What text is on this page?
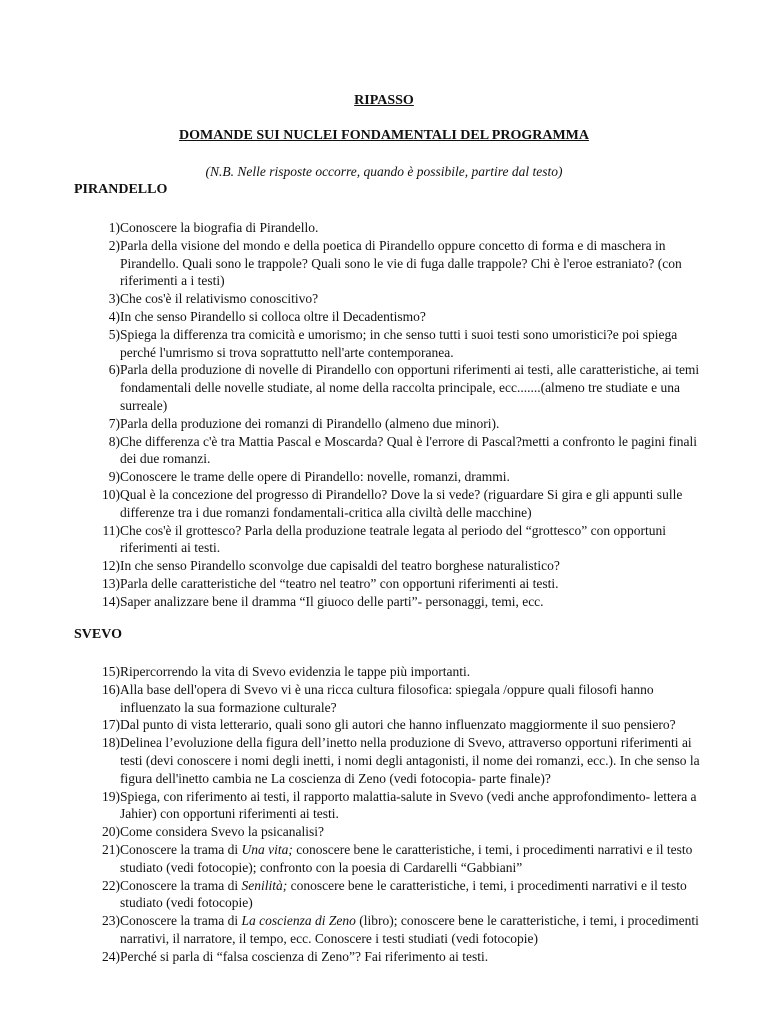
RIPASSO

DOMANDE SUI NUCLEI FONDAMENTALI DEL PROGRAMMA

(N.B. Nelle risposte occorre, quando è possibile, partire dal testo)

PIRANDELLO

1) Conoscere la biografia di Pirandello.
2) Parla della visione del mondo e della poetica di Pirandello oppure concetto di forma e di maschera in Pirandello. Quali sono le trappole? Quali sono le vie di fuga dalle trappole? Chi è l'eroe estraniato? (con riferimenti a i testi)
3) Che cos'è il relativismo conoscitivo?
4) In che senso Pirandello si colloca oltre il Decadentismo?
5) Spiega la differenza tra comicità e umorismo; in che senso tutti i suoi testi sono umoristici?e poi spiega perché l'umrismo si trova soprattutto nell'arte contemporanea.
6) Parla della produzione di novelle di Pirandello con opportuni riferimenti ai testi, alle caratteristiche, ai temi fondamentali delle novelle studiate, al nome della raccolta principale, ecc.......(almeno tre studiate e una surreale)
7) Parla della produzione dei romanzi di Pirandello (almeno due minori).
8) Che differenza c'è tra Mattia Pascal e Moscarda? Qual è l'errore di Pascal?metti a confronto le pagini finali dei due romanzi.
9) Conoscere le trame delle opere di Pirandello: novelle, romanzi, drammi.
10) Qual è la concezione del progresso di Pirandello? Dove la si vede? (riguardare Si gira e gli appunti sulle differenze tra i due romanzi fondamentali-critica alla civiltà delle macchine)
11) Che cos'è il grottesco? Parla della produzione teatrale legata al periodo del “grottesco” con opportuni riferimenti ai testi.
12) In che senso Pirandello sconvolge due capisaldi del teatro borghese naturalistico?
13) Parla delle caratteristiche del “teatro nel teatro” con opportuni riferimenti ai testi.
14) Saper analizzare bene il dramma “Il giuoco delle parti”- personaggi, temi, ecc.

SVEVO

15) Ripercorrendo la vita di Svevo evidenzia le tappe più importanti.
16) Alla base dell'opera di Svevo vi è una ricca cultura filosofica: spiegala /oppure quali filosofi hanno influenzato la sua formazione culturale?
17) Dal punto di vista letterario, quali sono gli autori che hanno influenzato maggiormente il suo pensiero?
18) Delinea l’evoluzione della figura dell’inetto nella produzione di Svevo, attraverso opportuni riferimenti ai testi (devi conoscere i nomi degli inetti, i nomi degli antagonisti, il nome dei romanzi, ecc.). In che senso la figura dell'inetto cambia ne La coscienza di Zeno (vedi fotocopia- parte finale)?
19) Spiega, con riferimento ai testi, il rapporto malattia-salute in Svevo (vedi anche approfondimento- lettera a Jahier) con opportuni riferimenti ai testi.
20) Come considera Svevo la psicanalisi?
21) Conoscere la trama di Una vita; conoscere bene le caratteristiche, i temi, i procedimenti narrativi e il testo studiato (vedi fotocopie); confronto con la poesia di Cardarelli “Gabbiani”
22) Conoscere la trama di Senilità; conoscere bene le caratteristiche, i temi, i procedimenti narrativi e il testo studiato (vedi fotocopie)
23) Conoscere la trama di La coscienza di Zeno (libro); conoscere bene le caratteristiche, i temi, i procedimenti narrativi, il narratore, il tempo, ecc. Conoscere i testi studiati (vedi fotocopie)
24) Perché si parla di “falsa coscienza di Zeno”? Fai riferimento ai testi.
